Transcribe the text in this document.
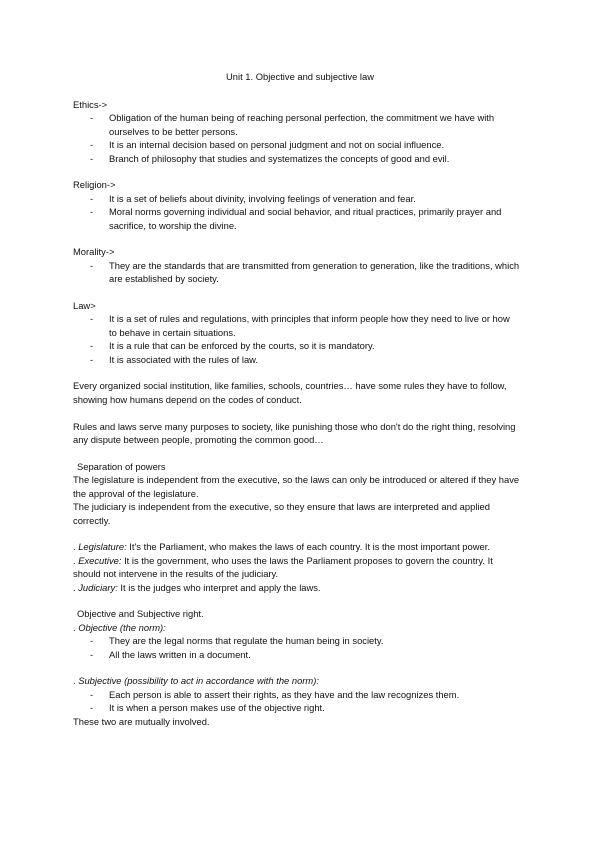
Unit 1. Objective and subjective law

Ethics->

- Obligation of the human being of reaching personal perfection, the commitment we have with ourselves to be better persons.
- It is an internal decision based on personal judgment and not on social influence.
- Branch of philosophy that studies and systematizes the concepts of good and evil.

Religion->

- It is a set of beliefs about divinity, involving feelings of veneration and fear.
- Moral norms governing individual and social behavior, and ritual practices, primarily prayer and sacrifice, to worship the divine.

Morality->

- They are the standards that are transmitted from generation to generation, like the traditions, which are established by society.

Law>

- It is a set of rules and regulations, with principles that inform people how they need to live or how to behave in certain situations.
- It is a rule that can be enforced by the courts, so it is mandatory.
- It is associated with the rules of law.

Every organized social institution, like families, schools, countries… have some rules they have to follow, showing how humans depend on the codes of conduct.

Rules and laws serve many purposes to society, like punishing those who don't do the right thing, resolving any dispute between people, promoting the common good…

Separation of powers

The legislature is independent from the executive, so the laws can only be introduced or altered if they have the approval of the legislature.

The judiciary is independent from the executive, so they ensure that laws are interpreted and applied correctly.

. Legislature: It's the Parliament, who makes the laws of each country. It is the most important power.

. Executive: It is the government, who uses the laws the Parliament proposes to govern the country. It should not intervene in the results of the judiciary.

. Judiciary: It is the judges who interpret and apply the laws.

Objective and Subjective right.

. Objective (the norm):

- They are the legal norms that regulate the human being in society.
- All the laws written in a document.

. Subjective (possibility to act in accordance with the norm):

- Each person is able to assert their rights, as they have and the law recognizes them.
- It is when a person makes use of the objective right.

These two are mutually involved.
